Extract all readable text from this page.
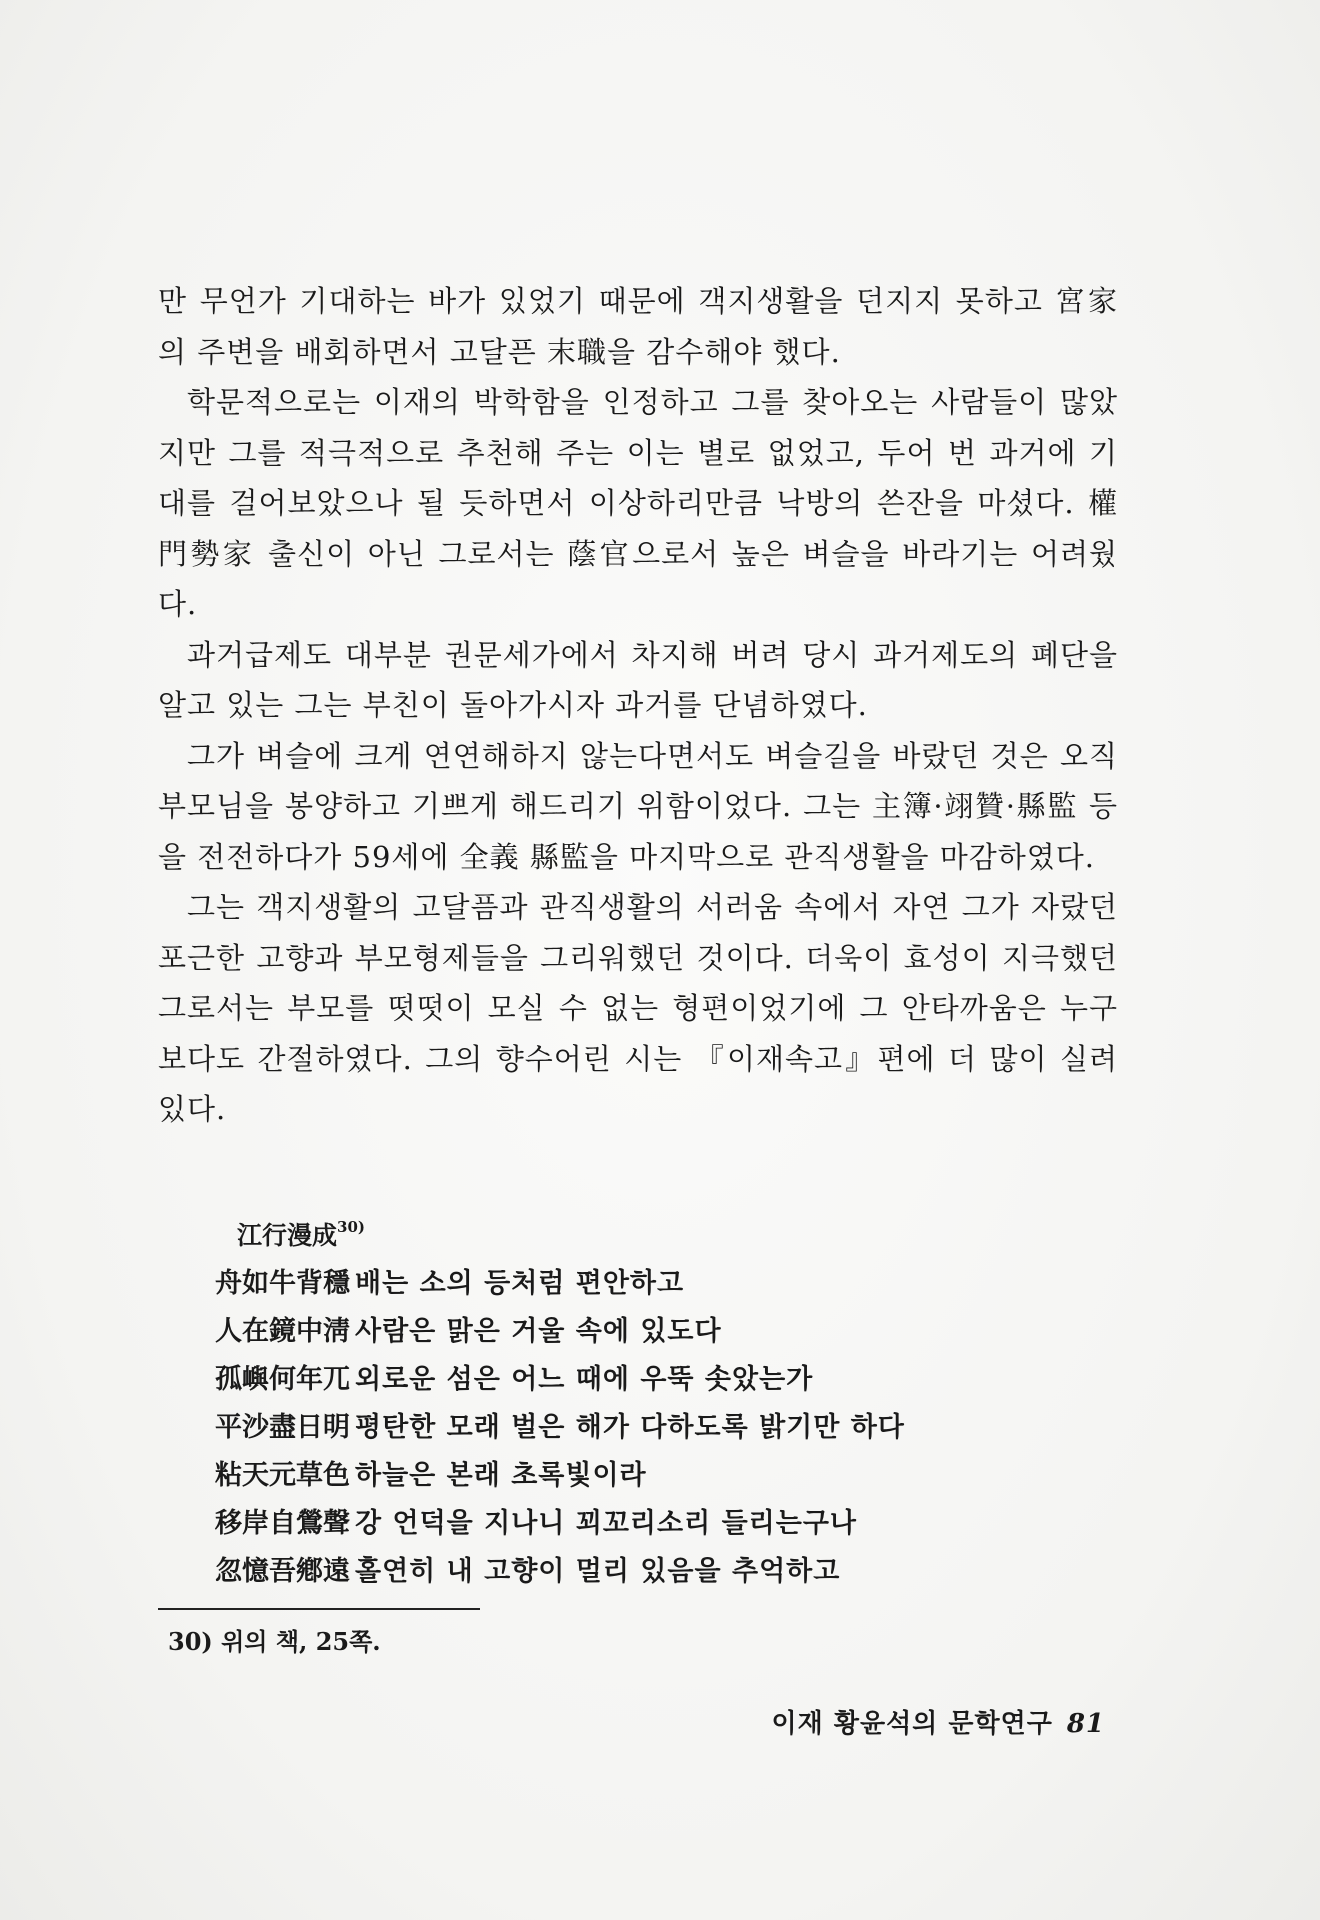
만 무언가 기대하는 바가 있었기 때문에 객지생활을 던지지 못하고 宮家의 주변을 배회하면서 고달픈 末職을 감수해야 했다.

학문적으로는 이재의 박학함을 인정하고 그를 찾아오는 사람들이 많았지만 그를 적극적으로 추천해 주는 이는 별로 없었고, 두어 번 과거에 기대를 걸어보았으나 될 듯하면서 이상하리만큼 낙방의 쓴잔을 마셨다. 權門勢家 출신이 아닌 그로서는 蔭官으로서 높은 벼슬을 바라기는 어려웠다.

과거급제도 대부분 권문세가에서 차지해 버려 당시 과거제도의 폐단을 알고 있는 그는 부친이 돌아가시자 과거를 단념하였다.

그가 벼슬에 크게 연연해하지 않는다면서도 벼슬길을 바랐던 것은 오직 부모님을 봉양하고 기쁘게 해드리기 위함이었다. 그는 主簿·翊贊·縣監 등을 전전하다가 59세에 全義 縣監을 마지막으로 관직생활을 마감하였다.

그는 객지생활의 고달픔과 관직생활의 서러움 속에서 자연 그가 자랐던 포근한 고향과 부모형제들을 그리워했던 것이다. 더욱이 효성이 지극했던 그로서는 부모를 떳떳이 모실 수 없는 형편이었기에 그 안타까움은 누구보다도 간절하였다. 그의 향수어린 시는 『이재속고』편에 더 많이 실려 있다.

江行漫成$^{30)}$
舟如牛背穩 배는 소의 등처럼 편안하고
人在鏡中淸 사람은 맑은 거울 속에 있도다
孤嶼何年兀 외로운 섬은 어느 때에 우뚝 솟았는가
平沙盡日明 평탄한 모래 벌은 해가 다하도록 밝기만 하다
粘天元草色 하늘은 본래 초록빛이라
移岸自鶯聲 강 언덕을 지나니 꾀꼬리소리 들리는구나
忽憶吾鄕遠 홀연히 내 고향이 멀리 있음을 추억하고
30) 위의 책, 25쪽.
이재 황윤석의 문학연구 81
